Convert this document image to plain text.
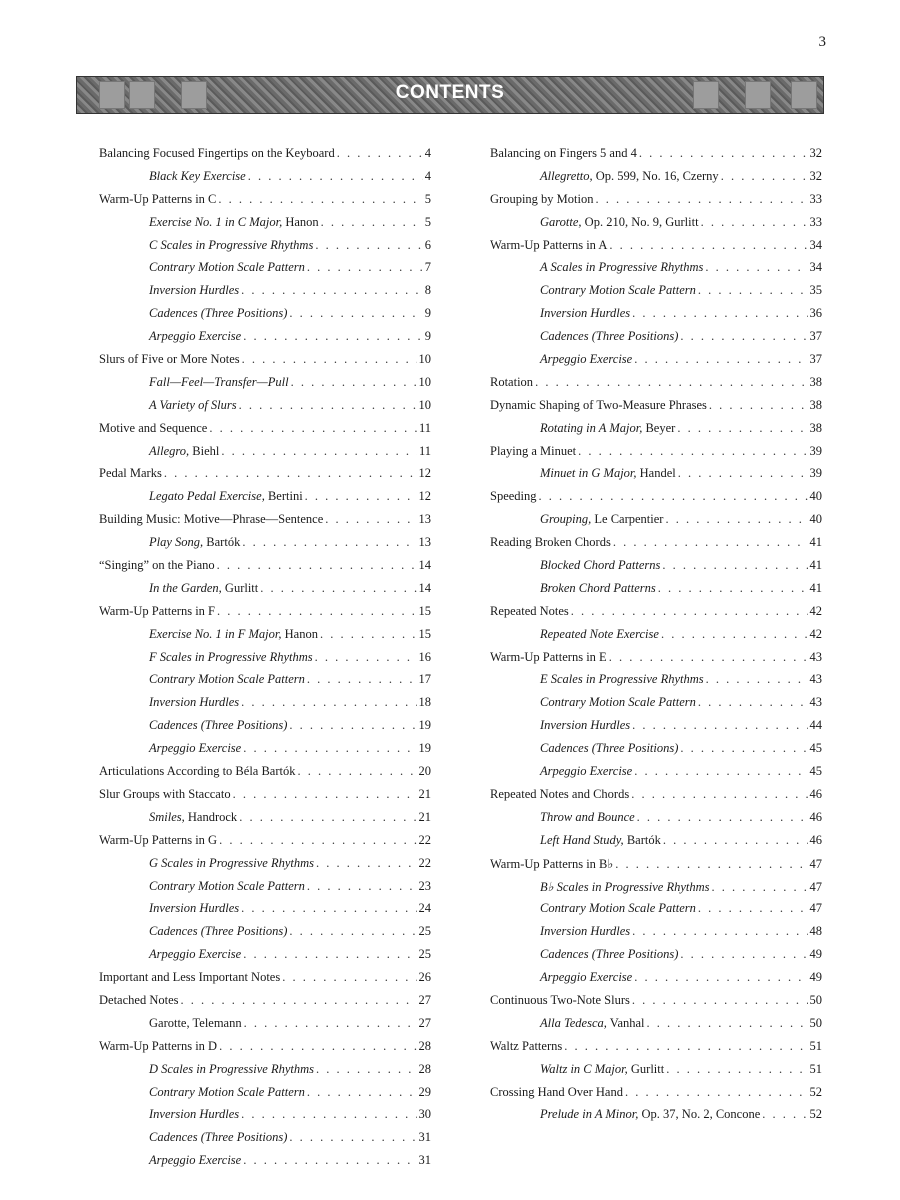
3
CONTENTS
Balancing Focused Fingertips on the Keyboard . . .	4
Black Key Exercise . . .	4
Warm-Up Patterns in C . . .	5
Exercise No. 1 in C Major, Hanon . . .	5
C Scales in Progressive Rhythms . . .	6
Contrary Motion Scale Pattern . . .	7
Inversion Hurdles . . .	8
Cadences (Three Positions) . . .	9
Arpeggio Exercise . . .	9
Slurs of Five or More Notes . . .	10
Fall—Feel—Transfer—Pull . . .	10
A Variety of Slurs . . .	10
Motive and Sequence . . .	11
Allegro, Biehl . . .	11
Pedal Marks . . .	12
Legato Pedal Exercise, Bertini . . .	12
Building Music: Motive—Phrase—Sentence . . .	13
Play Song, Bartók . . .	13
“Singing” on the Piano . . .	14
In the Garden, Gurlitt . . .	14
Warm-Up Patterns in F . . .	15
Exercise No. 1 in F Major, Hanon . . .	15
F Scales in Progressive Rhythms . . .	16
Contrary Motion Scale Pattern . . .	17
Inversion Hurdles . . .	18
Cadences (Three Positions) . . .	19
Arpeggio Exercise . . .	19
Articulations According to Béla Bartók . . .	20
Slur Groups with Staccato . . .	21
Smiles, Handrock . . .	21
Warm-Up Patterns in G . . .	22
G Scales in Progressive Rhythms . . .	22
Contrary Motion Scale Pattern . . .	23
Inversion Hurdles . . .	24
Cadences (Three Positions) . . .	25
Arpeggio Exercise . . .	25
Important and Less Important Notes . . .	26
Detached Notes . . .	27
Garotte, Telemann . . .	27
Warm-Up Patterns in D . . .	28
D Scales in Progressive Rhythms . . .	28
Contrary Motion Scale Pattern . . .	29
Inversion Hurdles . . .	30
Cadences (Three Positions) . . .	31
Arpeggio Exercise . . .	31
Balancing on Fingers 5 and 4 . . .	32
Allegretto, Op. 599, No. 16, Czerny . . .	32
Grouping by Motion . . .	33
Garotte, Op. 210, No. 9, Gurlitt . . .	33
Warm-Up Patterns in A . . .	34
A Scales in Progressive Rhythms . . .	34
Contrary Motion Scale Pattern . . .	35
Inversion Hurdles . . .	36
Cadences (Three Positions) . . .	37
Arpeggio Exercise . . .	37
Rotation . . .	38
Dynamic Shaping of Two-Measure Phrases . . .	38
Rotating in A Major, Beyer . . .	38
Playing a Minuet . . .	39
Minuet in G Major, Handel . . .	39
Speeding . . .	40
Grouping, Le Carpentier . . .	40
Reading Broken Chords . . .	41
Blocked Chord Patterns . . .	41
Broken Chord Patterns . . .	41
Repeated Notes . . .	42
Repeated Note Exercise . . .	42
Warm-Up Patterns in E . . .	43
E Scales in Progressive Rhythms . . .	43
Contrary Motion Scale Pattern . . .	43
Inversion Hurdles . . .	44
Cadences (Three Positions) . . .	45
Arpeggio Exercise . . .	45
Repeated Notes and Chords . . .	46
Throw and Bounce . . .	46
Left Hand Study, Bartók . . .	46
Warm-Up Patterns in B♭ . . .	47
B♭ Scales in Progressive Rhythms . . .	47
Contrary Motion Scale Pattern . . .	47
Inversion Hurdles . . .	48
Cadences (Three Positions) . . .	49
Arpeggio Exercise . . .	49
Continuous Two-Note Slurs . . .	50
Alla Tedesca, Vanhal . . .	50
Waltz Patterns . . .	51
Waltz in C Major, Gurlitt . . .	51
Crossing Hand Over Hand . . .	52
Prelude in A Minor, Op. 37, No. 2, Concone . . .	52
